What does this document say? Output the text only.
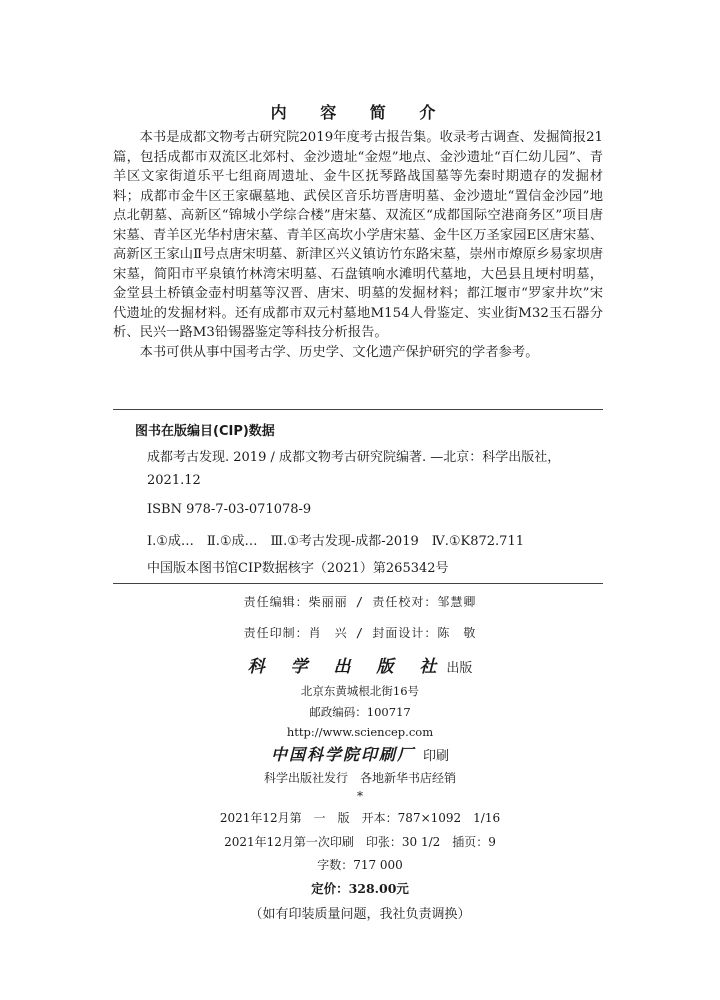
内 容 简 介

本书是成都文物考古研究院2019年度考古报告集。收录考古调查、发掘简报21篇，包括成都市双流区北郊村、金沙遗址“金煜”地点、金沙遗址“百仁幼儿园”、青羊区文家街道乐平七组商周遗址、金牛区抚琴路战国墓等先秦时期遗存的发掘材料；成都市金牛区王家碾墓地、武侯区音乐坊晋唐明墓、金沙遗址“置信金沙园”地点北朝墓、高新区“锦城小学综合楼”唐宋墓、双流区“成都国际空港商务区”项目唐宋墓、青羊区光华村唐宋墓、青羊区高坎小学唐宋墓、金牛区万圣家园E区唐宋墓、高新区王家山Ⅱ号点唐宋明墓、新津区兴义镇访竹东路宋墓，崇州市燎原乡易家坝唐宋墓，简阳市平泉镇竹林湾宋明墓、石盘镇响水滩明代墓地，大邑县且埂村明墓，金堂县土桥镇金壶村明墓等汉晋、唐宋、明墓的发掘材料；都江堰市“罗家井坎”宋代遗址的发掘材料。还有成都市双元村墓地M154人骨鉴定、实业街M32玉石器分析、民兴一路M3铅锡器鉴定等科技分析报告。

本书可供从事中国考古学、历史学、文化遗产保护研究的学者参考。

图书在版编目(CIP)数据
成都考古发现. 2019 / 成都文物考古研究院编著. —北京：科学出版社，
2021.12
ISBN 978-7-03-071078-9
Ⅰ.①成…　Ⅱ.①成…　Ⅲ.①考古发现-成都-2019　Ⅳ.①K872.711
中国版本图书馆CIP数据核字（2021）第265342号
责任编辑：柴丽丽 / 责任校对：邹慧卿
责任印制：肖　兴 / 封面设计：陈　敬
科 学 出 版 社出版
北京东黄城根北街16号
邮政编码：100717
http://www.sciencep.com
中国科学院印刷厂 印刷
科学出版社发行　各地新华书店经销
*
2021年12月第　一　版　开本：787×1092　1/16
2021年12月第一次印刷　印张：30 1/2　插页：9
字数：717 000
定价：328.00元
（如有印装质量问题，我社负责调换）
